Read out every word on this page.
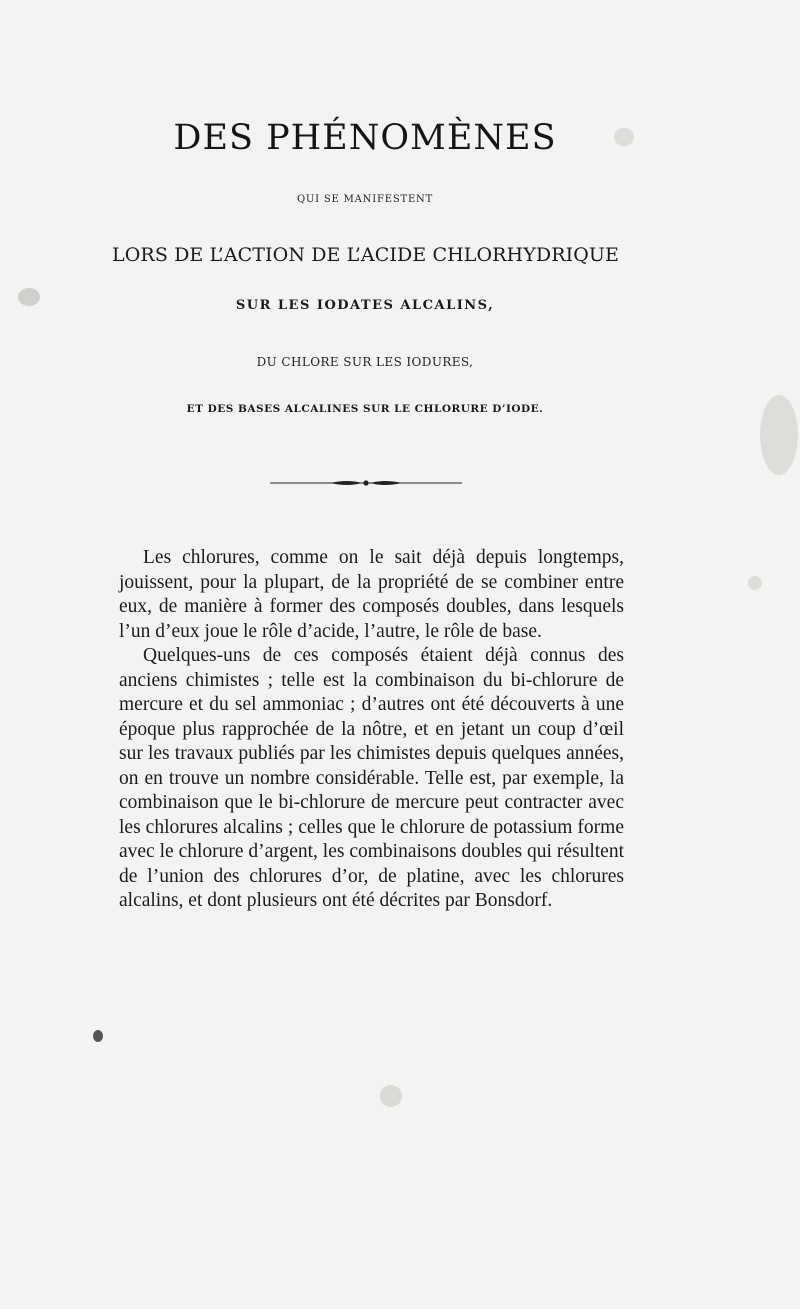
DES PHÉNOMÈNES
QUI SE MANIFESTENT
LORS DE L’ACTION DE L’ACIDE CHLORHYDRIQUE
SUR LES IODATES ALCALINS,
DU CHLORE SUR LES IODURES,
ET DES BASES ALCALINES SUR LE CHLORURE D’IODE.

Les chlorures, comme on le sait déjà depuis longtemps, jouissent, pour la plupart, de la propriété de se combiner entre eux, de manière à former des composés doubles, dans lesquels l’un d’eux joue le rôle d’acide, l’autre, le rôle de base.

Quelques-uns de ces composés étaient déjà connus des anciens chimistes ; telle est la combinaison du bi-chlorure de mercure et du sel ammoniac ; d’autres ont été découverts à une époque plus rapprochée de la nôtre, et en jetant un coup d’œil sur les travaux publiés par les chimistes depuis quelques années, on en trouve un nombre considérable. Telle est, par exemple, la combinaison que le bi-chlorure de mercure peut contracter avec les chlorures alcalins ; celles que le chlorure de potassium forme avec le chlorure d’argent, les combinaisons doubles qui résultent de l’union des chlorures d’or, de platine, avec les chlorures alcalins, et dont plusieurs ont été décrites par Bonsdorf.
